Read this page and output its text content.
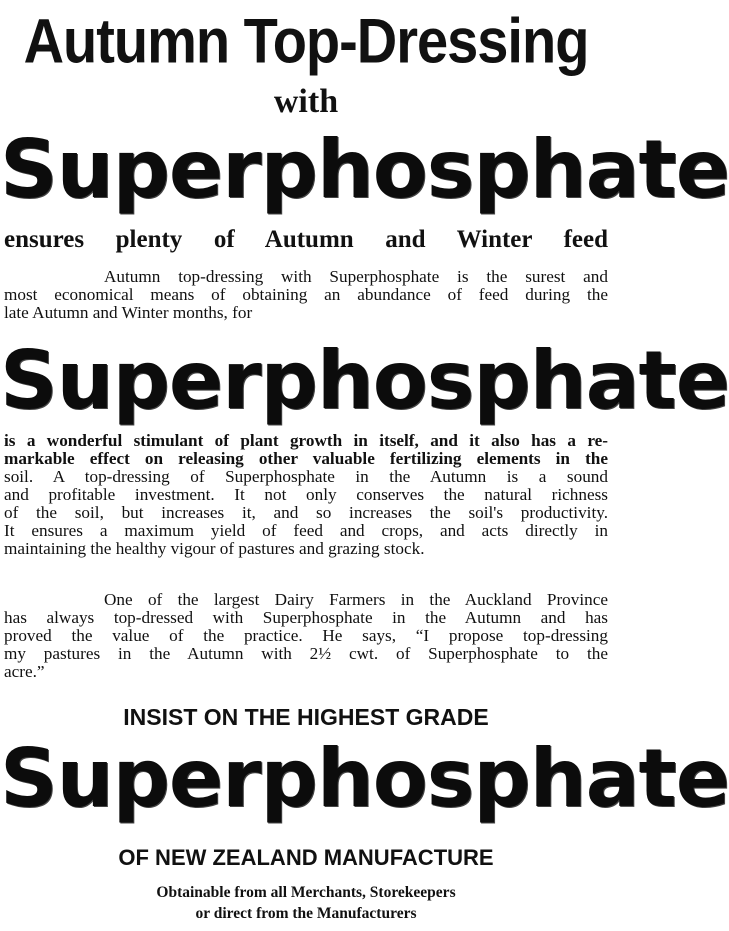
Autumn Top-Dressing
with
Superphosphate
ensures plenty of Autumn and Winter feed
Autumn top-dressing with Superphosphate is the surest and
most economical means of obtaining an abundance of feed during the
late Autumn and Winter months, for
Superphosphate
is a wonderful stimulant of plant growth in itself, and it also has a re-
markable effect on releasing other valuable fertilizing elements in the
soil. A top-dressing of Superphosphate in the Autumn is a sound
and profitable investment. It not only conserves the natural richness
of the soil, but increases it, and so increases the soil's productivity.
It ensures a maximum yield of feed and crops, and acts directly in
maintaining the healthy vigour of pastures and grazing stock.
One of the largest Dairy Farmers in the Auckland Province
has always top-dressed with Superphosphate in the Autumn and has
proved the value of the practice. He says, “I propose top-dressing
my pastures in the Autumn with 2½ cwt. of Superphosphate to the
acre.”
INSIST ON THE HIGHEST GRADE
Superphosphate
OF NEW ZEALAND MANUFACTURE
Obtainable from all Merchants, Storekeepers
or direct from the Manufacturers
